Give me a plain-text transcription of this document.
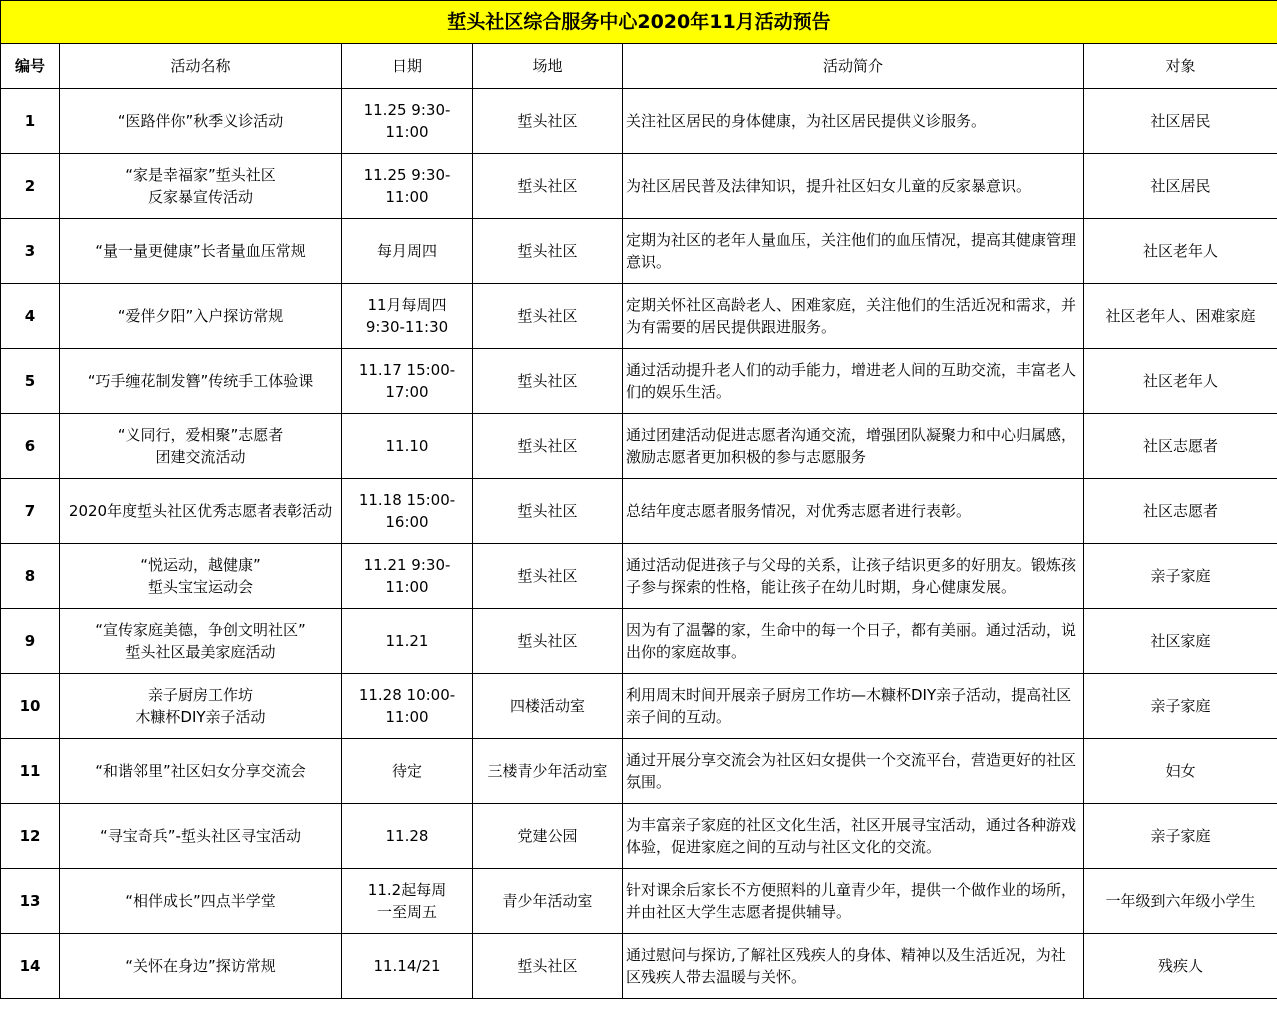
埑头社区综合服务中心2020年11月活动预告					
编号	活动名称	日期	场地	活动简介	对象
1	“医路伴你”秋季义诊活动	11.25 9:30-11:00	埑头社区	关注社区居民的身体健康，为社区居民提供义诊服务。	社区居民
2	“家是幸福家”埑头社区
反家暴宣传活动	11.25 9:30-11:00	埑头社区	为社区居民普及法律知识，提升社区妇女儿童的反家暴意识。	社区居民
3	“量一量更健康”长者量血压常规	每月周四	埑头社区	定期为社区的老年人量血压，关注他们的血压情况，提高其健康管理意识。	社区老年人
4	“爱伴夕阳”入户探访常规	11月每周四
9:30-11:30	埑头社区	定期关怀社区高龄老人、困难家庭，关注他们的生活近况和需求，并为有需要的居民提供跟进服务。	社区老年人、困难家庭
5	“巧手缠花制发簪”传统手工体验课	11.17 15:00-
17:00	埑头社区	通过活动提升老人们的动手能力，增进老人间的互助交流，丰富老人们的娱乐生活。	社区老年人
6	“义同行，爱相聚”志愿者
团建交流活动	11.10	埑头社区	通过团建活动促进志愿者沟通交流，增强团队凝聚力和中心归属感，激励志愿者更加积极的参与志愿服务	社区志愿者
7	2020年度埑头社区优秀志愿者表彰活动	11.18 15:00-
16:00	埑头社区	总结年度志愿者服务情况，对优秀志愿者进行表彰。	社区志愿者
8	“悦运动，越健康”
埑头宝宝运动会	11.21 9:30-11:00	埑头社区	通过活动促进孩子与父母的关系，让孩子结识更多的好朋友。锻炼孩子参与探索的性格，能让孩子在幼儿时期，身心健康发展。	亲子家庭
9	“宣传家庭美德，争创文明社区”
埑头社区最美家庭活动	11.21	埑头社区	因为有了温馨的家，生命中的每一个日子，都有美丽。通过活动，说出你的家庭故事。	社区家庭
10	亲子厨房工作坊
木糠杯DIY亲子活动	11.28 10:00-
11:00	四楼活动室	利用周末时间开展亲子厨房工作坊—木糠杯DIY亲子活动，提高社区亲子间的互动。	亲子家庭
11	“和谐邻里”社区妇女分享交流会	待定	三楼青少年活动室	通过开展分享交流会为社区妇女提供一个交流平台，营造更好的社区氛围。	妇女
12	“寻宝奇兵”-埑头社区寻宝活动	11.28	党建公园	为丰富亲子家庭的社区文化生活，社区开展寻宝活动，通过各种游戏体验，促进家庭之间的互动与社区文化的交流。	亲子家庭
13	“相伴成长”四点半学堂	11.2起每周
一至周五	青少年活动室	针对课余后家长不方便照料的儿童青少年，提供一个做作业的场所，并由社区大学生志愿者提供辅导。	一年级到六年级小学生
14	“关怀在身边”探访常规	11.14/21	埑头社区	通过慰问与探访,了解社区残疾人的身体、精神以及生活近况，为社区残疾人带去温暖与关怀。	残疾人
